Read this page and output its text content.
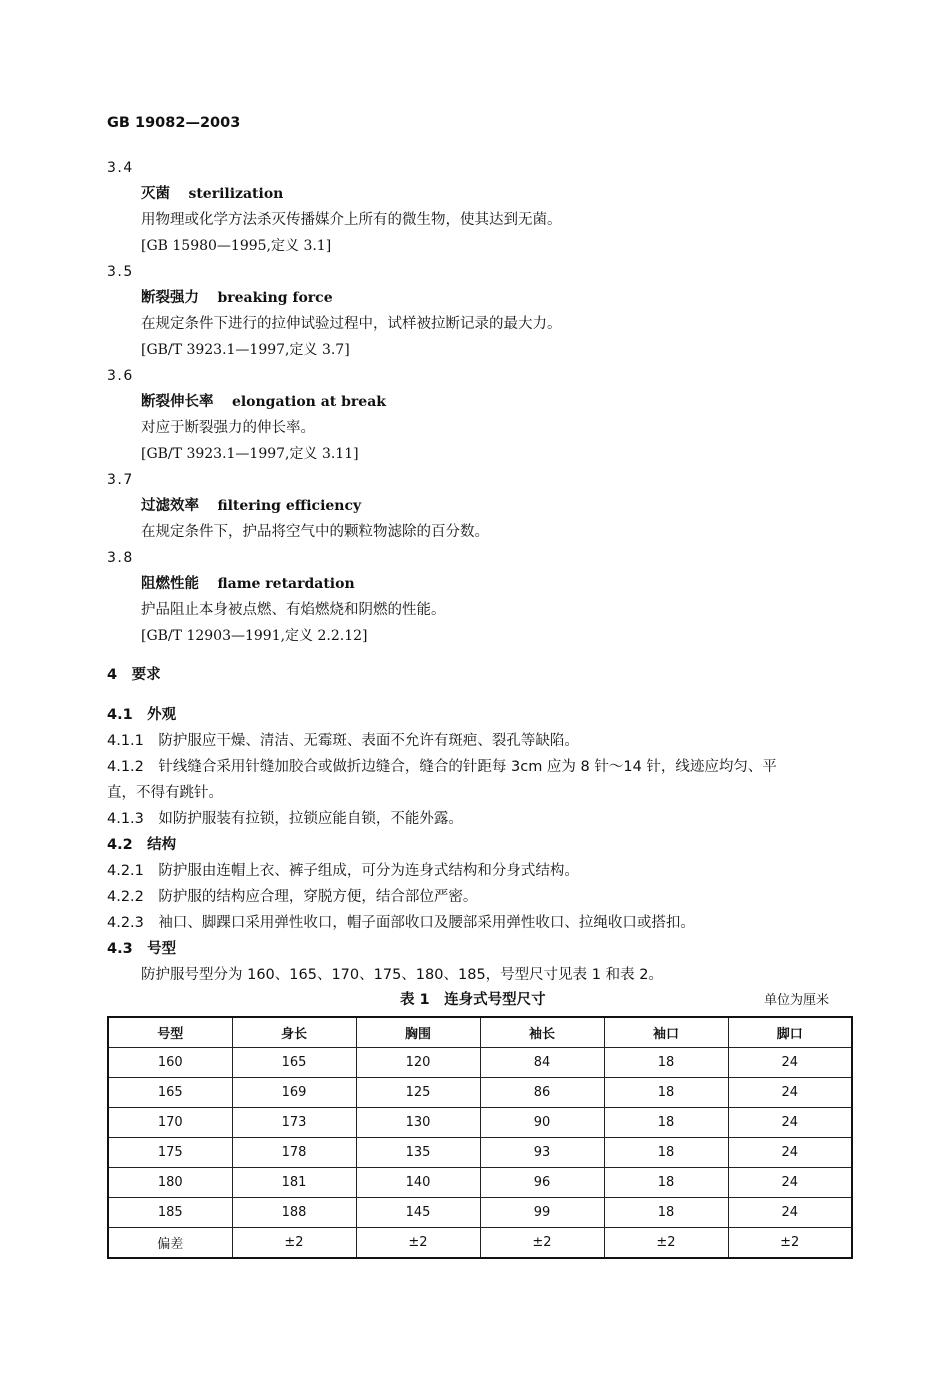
GB 19082—2003
3.4
灭菌 sterilization
用物理或化学方法杀灭传播媒介上所有的微生物，使其达到无菌。
[GB 15980—1995,定义 3.1]
3.5
断裂强力 breaking force
在规定条件下进行的拉伸试验过程中，试样被拉断记录的最大力。
[GB/T 3923.1—1997,定义 3.7]
3.6
断裂伸长率 elongation at break
对应于断裂强力的伸长率。
[GB/T 3923.1—1997,定义 3.11]
3.7
过滤效率 filtering efficiency
在规定条件下，护品将空气中的颗粒物滤除的百分数。
3.8
阻燃性能 flame retardation
护品阻止本身被点燃、有焰燃烧和阴燃的性能。
[GB/T 12903—1991,定义 2.2.12]
4　要求
4.1　外观
4.1.1　防护服应干燥、清洁、无霉斑、表面不允许有斑疤、裂孔等缺陷。
4.1.2　针线缝合采用针缝加胶合或做折边缝合，缝合的针距每 3cm 应为 8 针～14 针，线迹应均匀、平
直，不得有跳针。
4.1.3　如防护服装有拉锁，拉锁应能自锁，不能外露。
4.2　结构
4.2.1　防护服由连帽上衣、裤子组成，可分为连身式结构和分身式结构。
4.2.2　防护服的结构应合理，穿脱方便，结合部位严密。
4.2.3　袖口、脚踝口采用弹性收口，帽子面部收口及腰部采用弹性收口、拉绳收口或搭扣。
4.3　号型
防护服号型分为 160、165、170、175、180、185，号型尺寸见表 1 和表 2。
表 1　连身式号型尺寸	单位为厘米
号型	身长	胸围	袖长	袖口	脚口
160	165	120	84	18	24
165	169	125	86	18	24
170	173	130	90	18	24
175	178	135	93	18	24
180	181	140	96	18	24
185	188	145	99	18	24
偏差	±2	±2	±2	±2	±2
